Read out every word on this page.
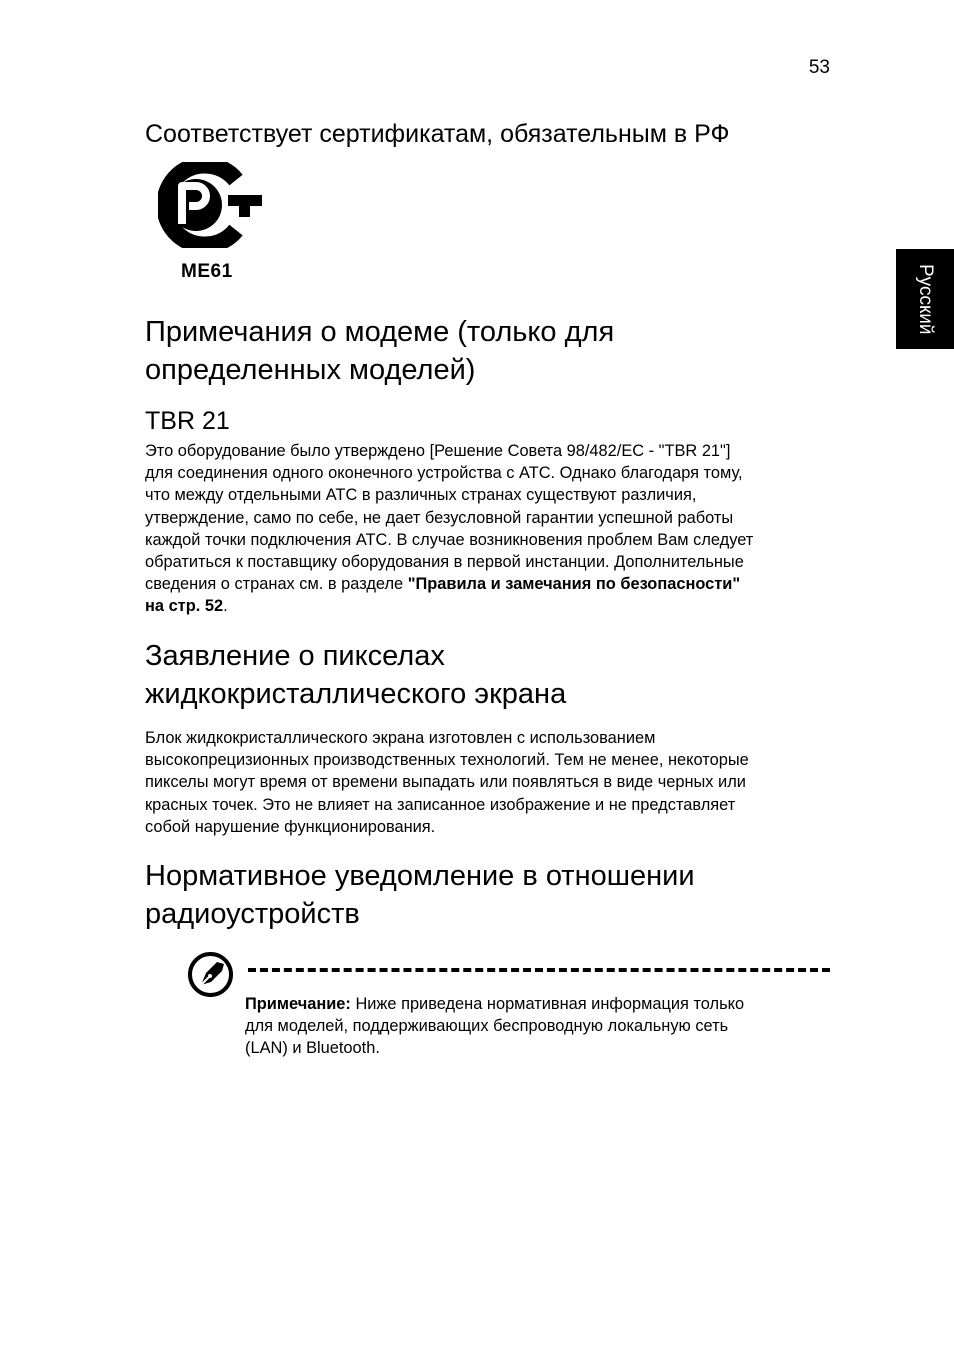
53
Русский
Соответствует сертификатам, обязательным в РФ
ME61
Примечания о модеме (только для
определенных моделей)
TBR 21
Это оборудование было утверждено [Решение Совета 98/482/EC - "TBR 21"]
для соединения одного оконечного устройства с АТС. Однако благодаря тому,
что между отдельными АТС в различных странах существуют различия,
утверждение, само по себе, не дает безусловной гарантии успешной работы
каждой точки подключения АТС. В случае возникновения проблем Вам следует
обратиться к поставщику оборудования в первой инстанции. Дополнительные
сведения о странах см. в разделе "Правила и замечания по безопасности"
на стр. 52.
Заявление о пикселах
жидкокристаллического экрана
Блок жидкокристаллического экрана изготовлен с использованием
высокопрецизионных производственных технологий. Тем не менее, некоторые
пикселы могут время от времени выпадать или появляться в виде черных или
красных точек. Это не влияет на записанное изображение и не представляет
собой нарушение функционирования.
Нормативное уведомление в отношении
радиоустройств
Примечание: Ниже приведена нормативная информация только
для моделей, поддерживающих беспроводную локальную сеть
(LAN) и Bluetooth.
